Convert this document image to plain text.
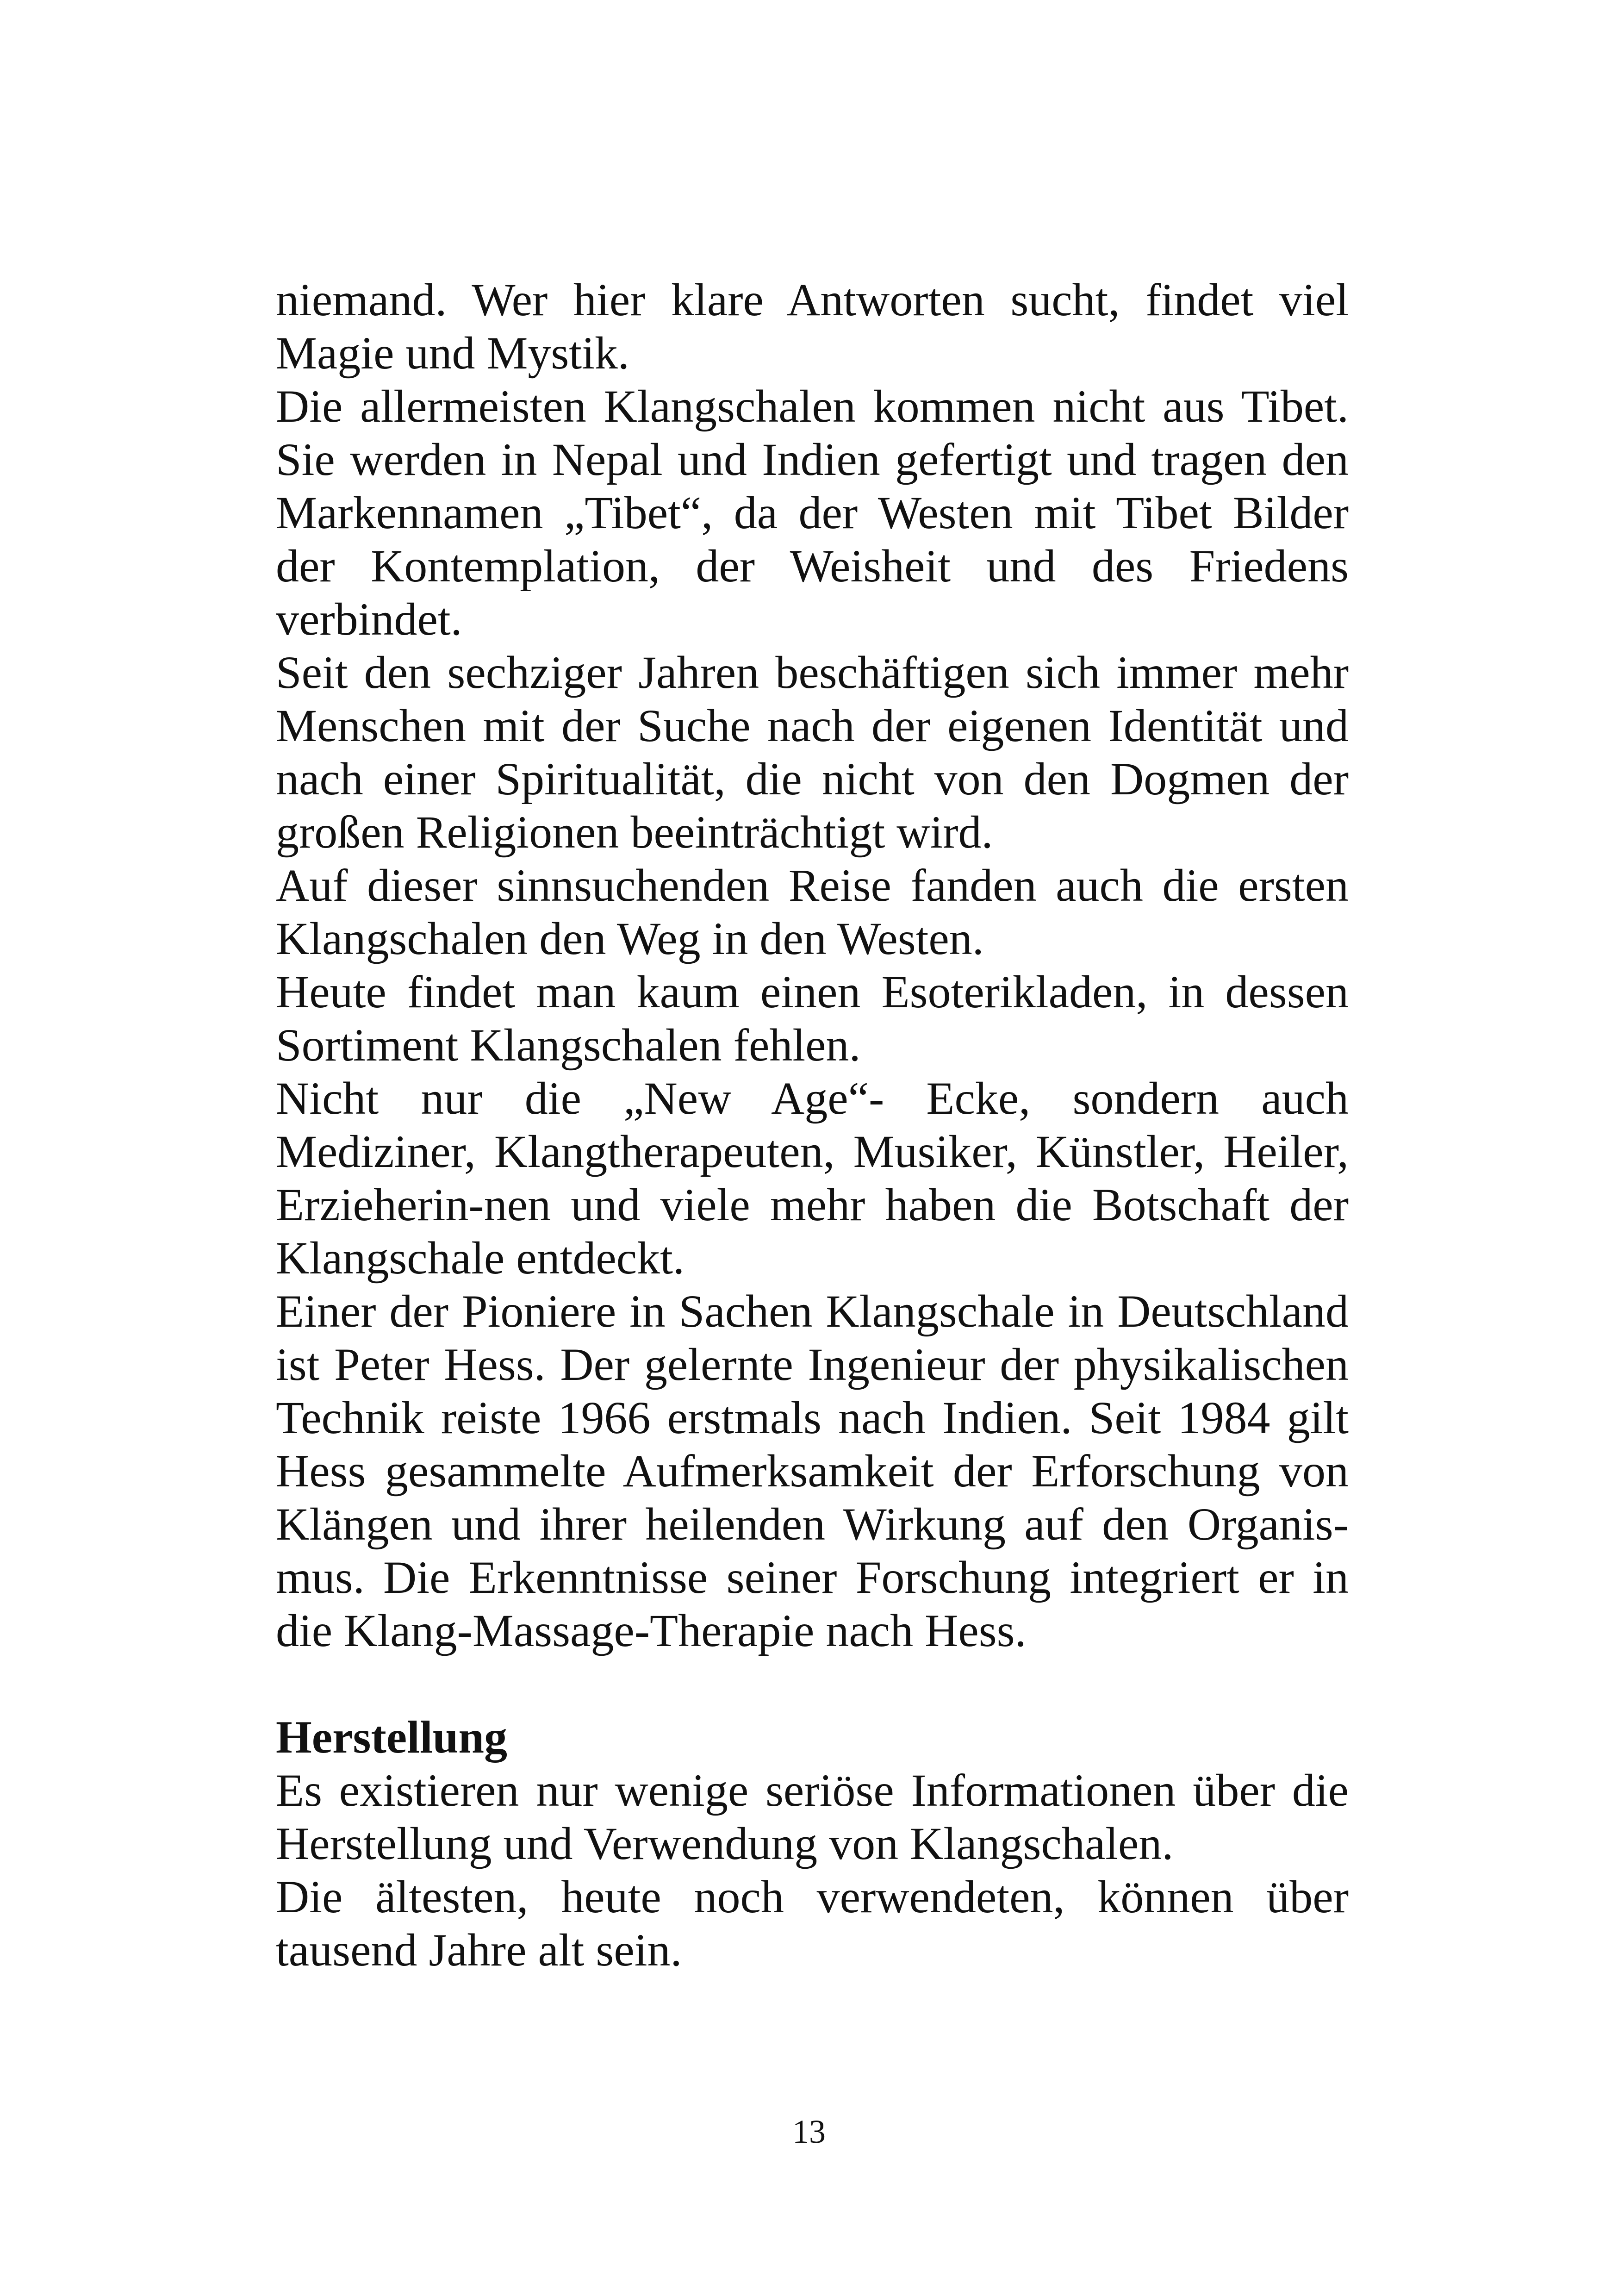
niemand. Wer hier klare Antworten sucht, findet viel
Magie und Mystik.
Die allermeisten Klangschalen kommen nicht aus Tibet.
Sie werden in Nepal und Indien gefertigt und tragen den
Markennamen „Tibet“, da der Westen mit Tibet Bilder
der Kontemplation, der Weisheit und des Friedens
verbindet.
Seit den sechziger Jahren beschäftigen sich immer mehr
Menschen mit der Suche nach der eigenen Identität und
nach einer Spiritualität, die nicht von den Dogmen der
großen Religionen beeinträchtigt wird.
Auf dieser sinnsuchenden Reise fanden auch die ersten
Klangschalen den Weg in den Westen.
Heute findet man kaum einen Esoterikladen, in dessen
Sortiment Klangschalen fehlen.
Nicht nur die „New Age“- Ecke, sondern auch
Mediziner, Klangtherapeuten, Musiker, Künstler, Heiler,
Erzieherin-nen und viele mehr haben die Botschaft der
Klangschale entdeckt.
Einer der Pioniere in Sachen Klangschale in Deutschland
ist Peter Hess. Der gelernte Ingenieur der physikalischen
Technik reiste 1966 erstmals nach Indien. Seit 1984 gilt
Hess gesammelte Aufmerksamkeit der Erforschung von
Klängen und ihrer heilenden Wirkung auf den Organis-
mus. Die Erkenntnisse seiner Forschung integriert er in
die Klang-Massage-Therapie nach Hess.
Herstellung
Es existieren nur wenige seriöse Informationen über die
Herstellung und Verwendung von Klangschalen.
Die ältesten, heute noch verwendeten, können über
tausend Jahre alt sein.
13
